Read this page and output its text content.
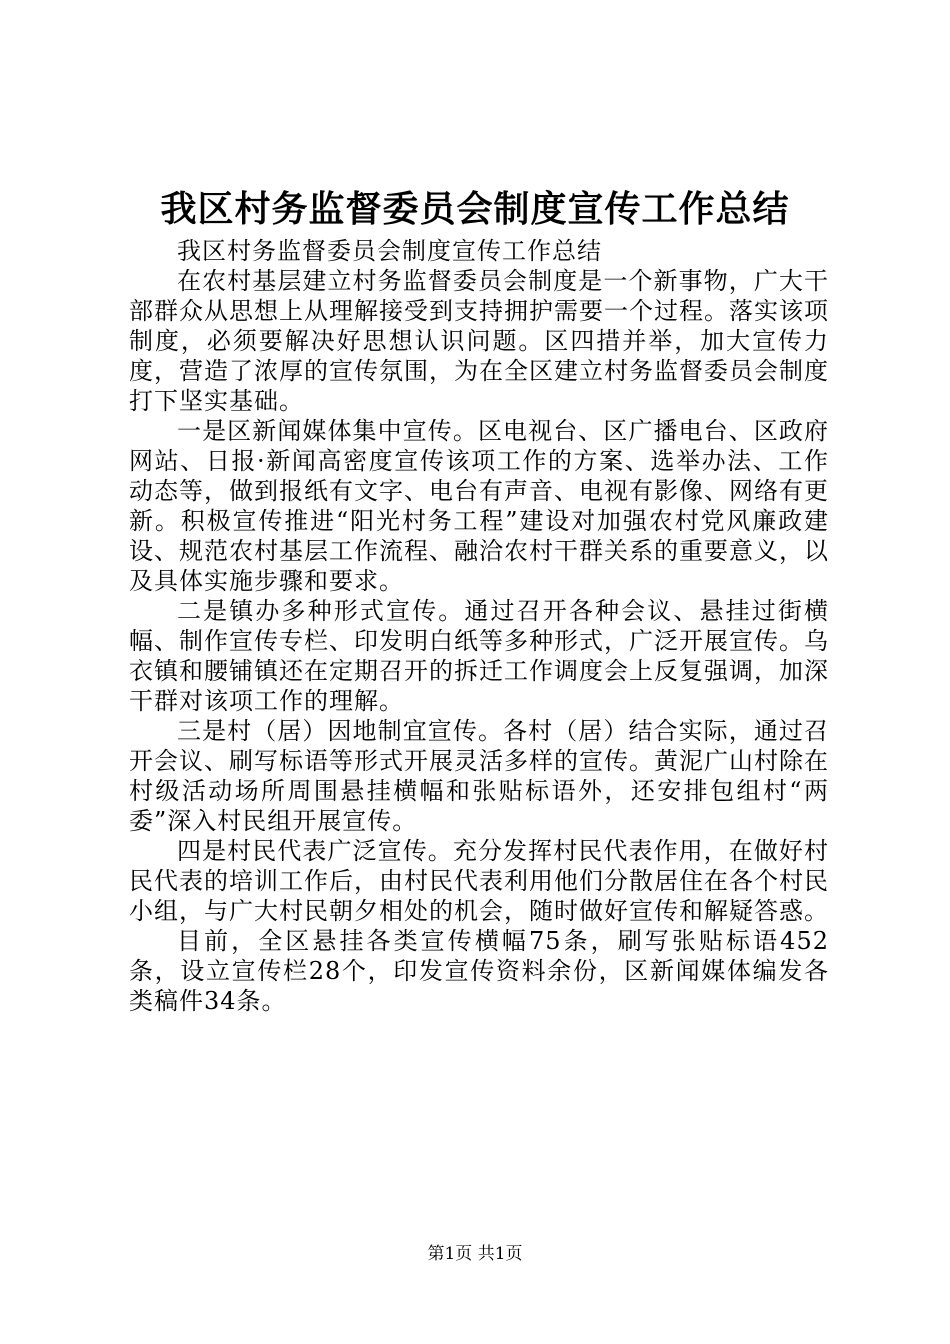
我区村务监督委员会制度宣传工作总结

我区村务监督委员会制度宣传工作总结

在农村基层建立村务监督委员会制度是一个新事物，广大干部群众从思想上从理解接受到支持拥护需要一个过程。落实该项制度，必须要解决好思想认识问题。区四措并举，加大宣传力度，营造了浓厚的宣传氛围，为在全区建立村务监督委员会制度打下坚实基础。

一是区新闻媒体集中宣传。区电视台、区广播电台、区政府网站、日报·新闻高密度宣传该项工作的方案、选举办法、工作动态等，做到报纸有文字、电台有声音、电视有影像、网络有更新。积极宣传推进“阳光村务工程”建设对加强农村党风廉政建设、规范农村基层工作流程、融洽农村干群关系的重要意义，以及具体实施步骤和要求。

二是镇办多种形式宣传。通过召开各种会议、悬挂过街横幅、制作宣传专栏、印发明白纸等多种形式，广泛开展宣传。乌衣镇和腰铺镇还在定期召开的拆迁工作调度会上反复强调，加深干群对该项工作的理解。

三是村（居）因地制宜宣传。各村（居）结合实际，通过召开会议、刷写标语等形式开展灵活多样的宣传。黄泥广山村除在村级活动场所周围悬挂横幅和张贴标语外，还安排包组村“两委”深入村民组开展宣传。

四是村民代表广泛宣传。充分发挥村民代表作用，在做好村民代表的培训工作后，由村民代表利用他们分散居住在各个村民小组，与广大村民朝夕相处的机会，随时做好宣传和解疑答惑。

目前，全区悬挂各类宣传横幅75条，刷写张贴标语452条，设立宣传栏28个，印发宣传资料余份，区新闻媒体编发各类稿件34条。

第1页 共1页
